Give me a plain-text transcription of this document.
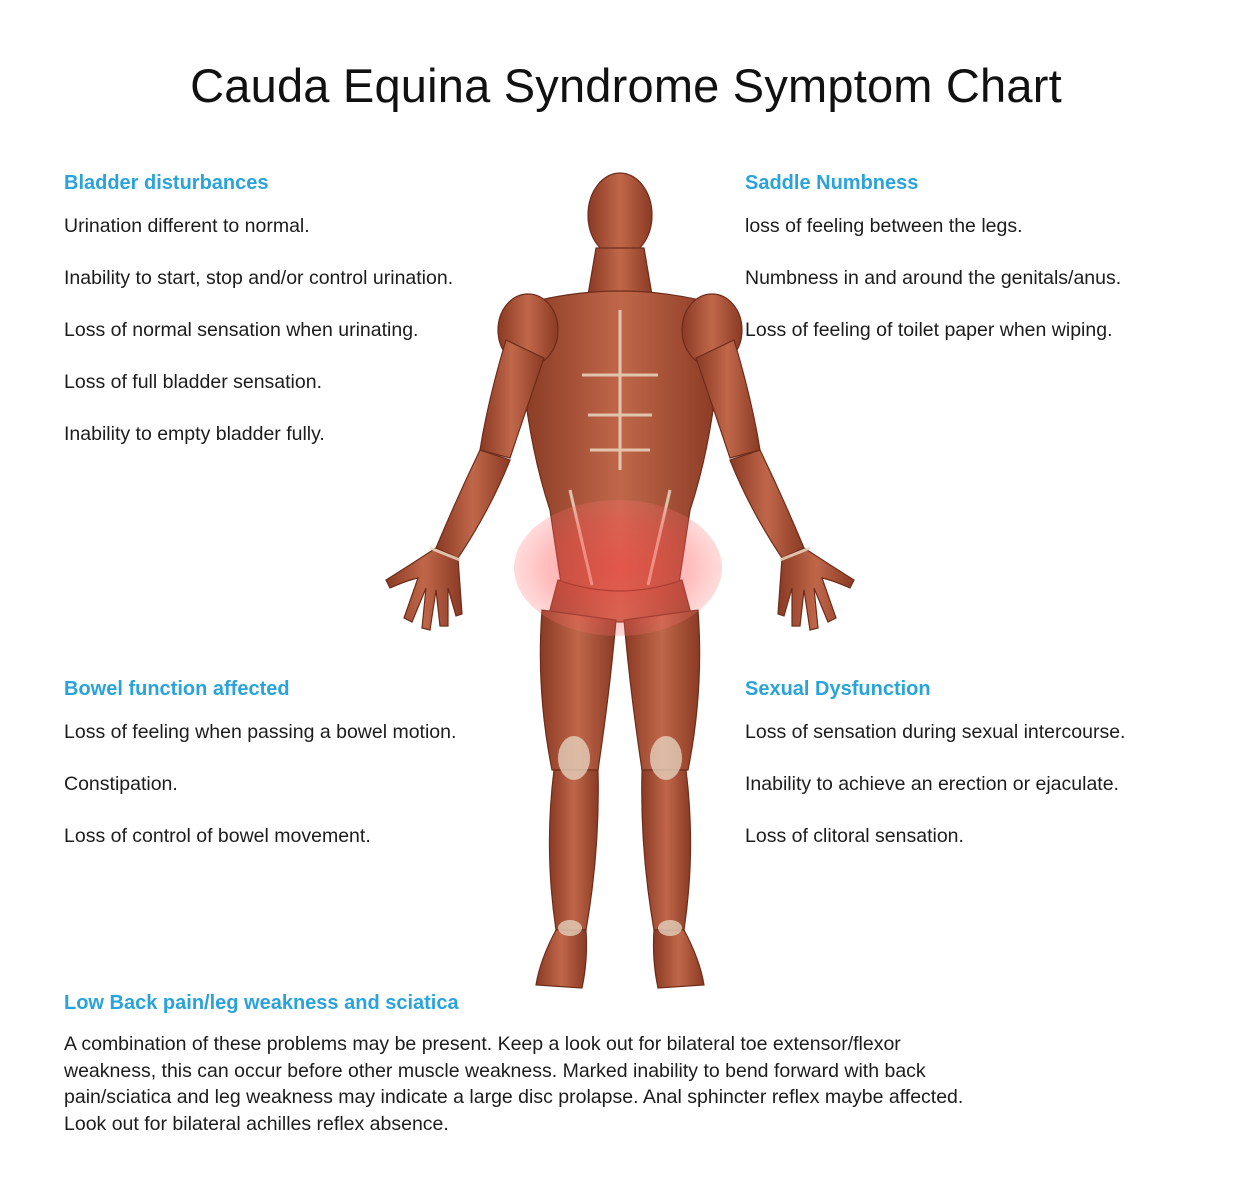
Cauda Equina Syndrome Symptom Chart
Bladder disturbances
Urination different to normal.
Inability to start, stop and/or control urination.
Loss of normal sensation when urinating.
Loss of full bladder sensation.
Inability to empty bladder fully.
Saddle Numbness
loss of feeling between the legs.
Numbness in and around the genitals/anus.
Loss of feeling of toilet paper when wiping.
Bowel function affected
Loss of feeling when passing a bowel motion.
Constipation.
Loss of control of bowel movement.
Sexual Dysfunction
Loss of sensation during sexual intercourse.
Inability to achieve an erection or ejaculate.
Loss of clitoral sensation.
Low Back pain/leg weakness and sciatica
A combination of these problems may be present. Keep a look out for bilateral toe extensor/flexor
weakness, this can occur before other muscle weakness. Marked inability to bend forward with back
pain/sciatica and leg weakness may indicate a large disc prolapse. Anal sphincter reflex maybe affected.
Look out for bilateral achilles reflex absence.
